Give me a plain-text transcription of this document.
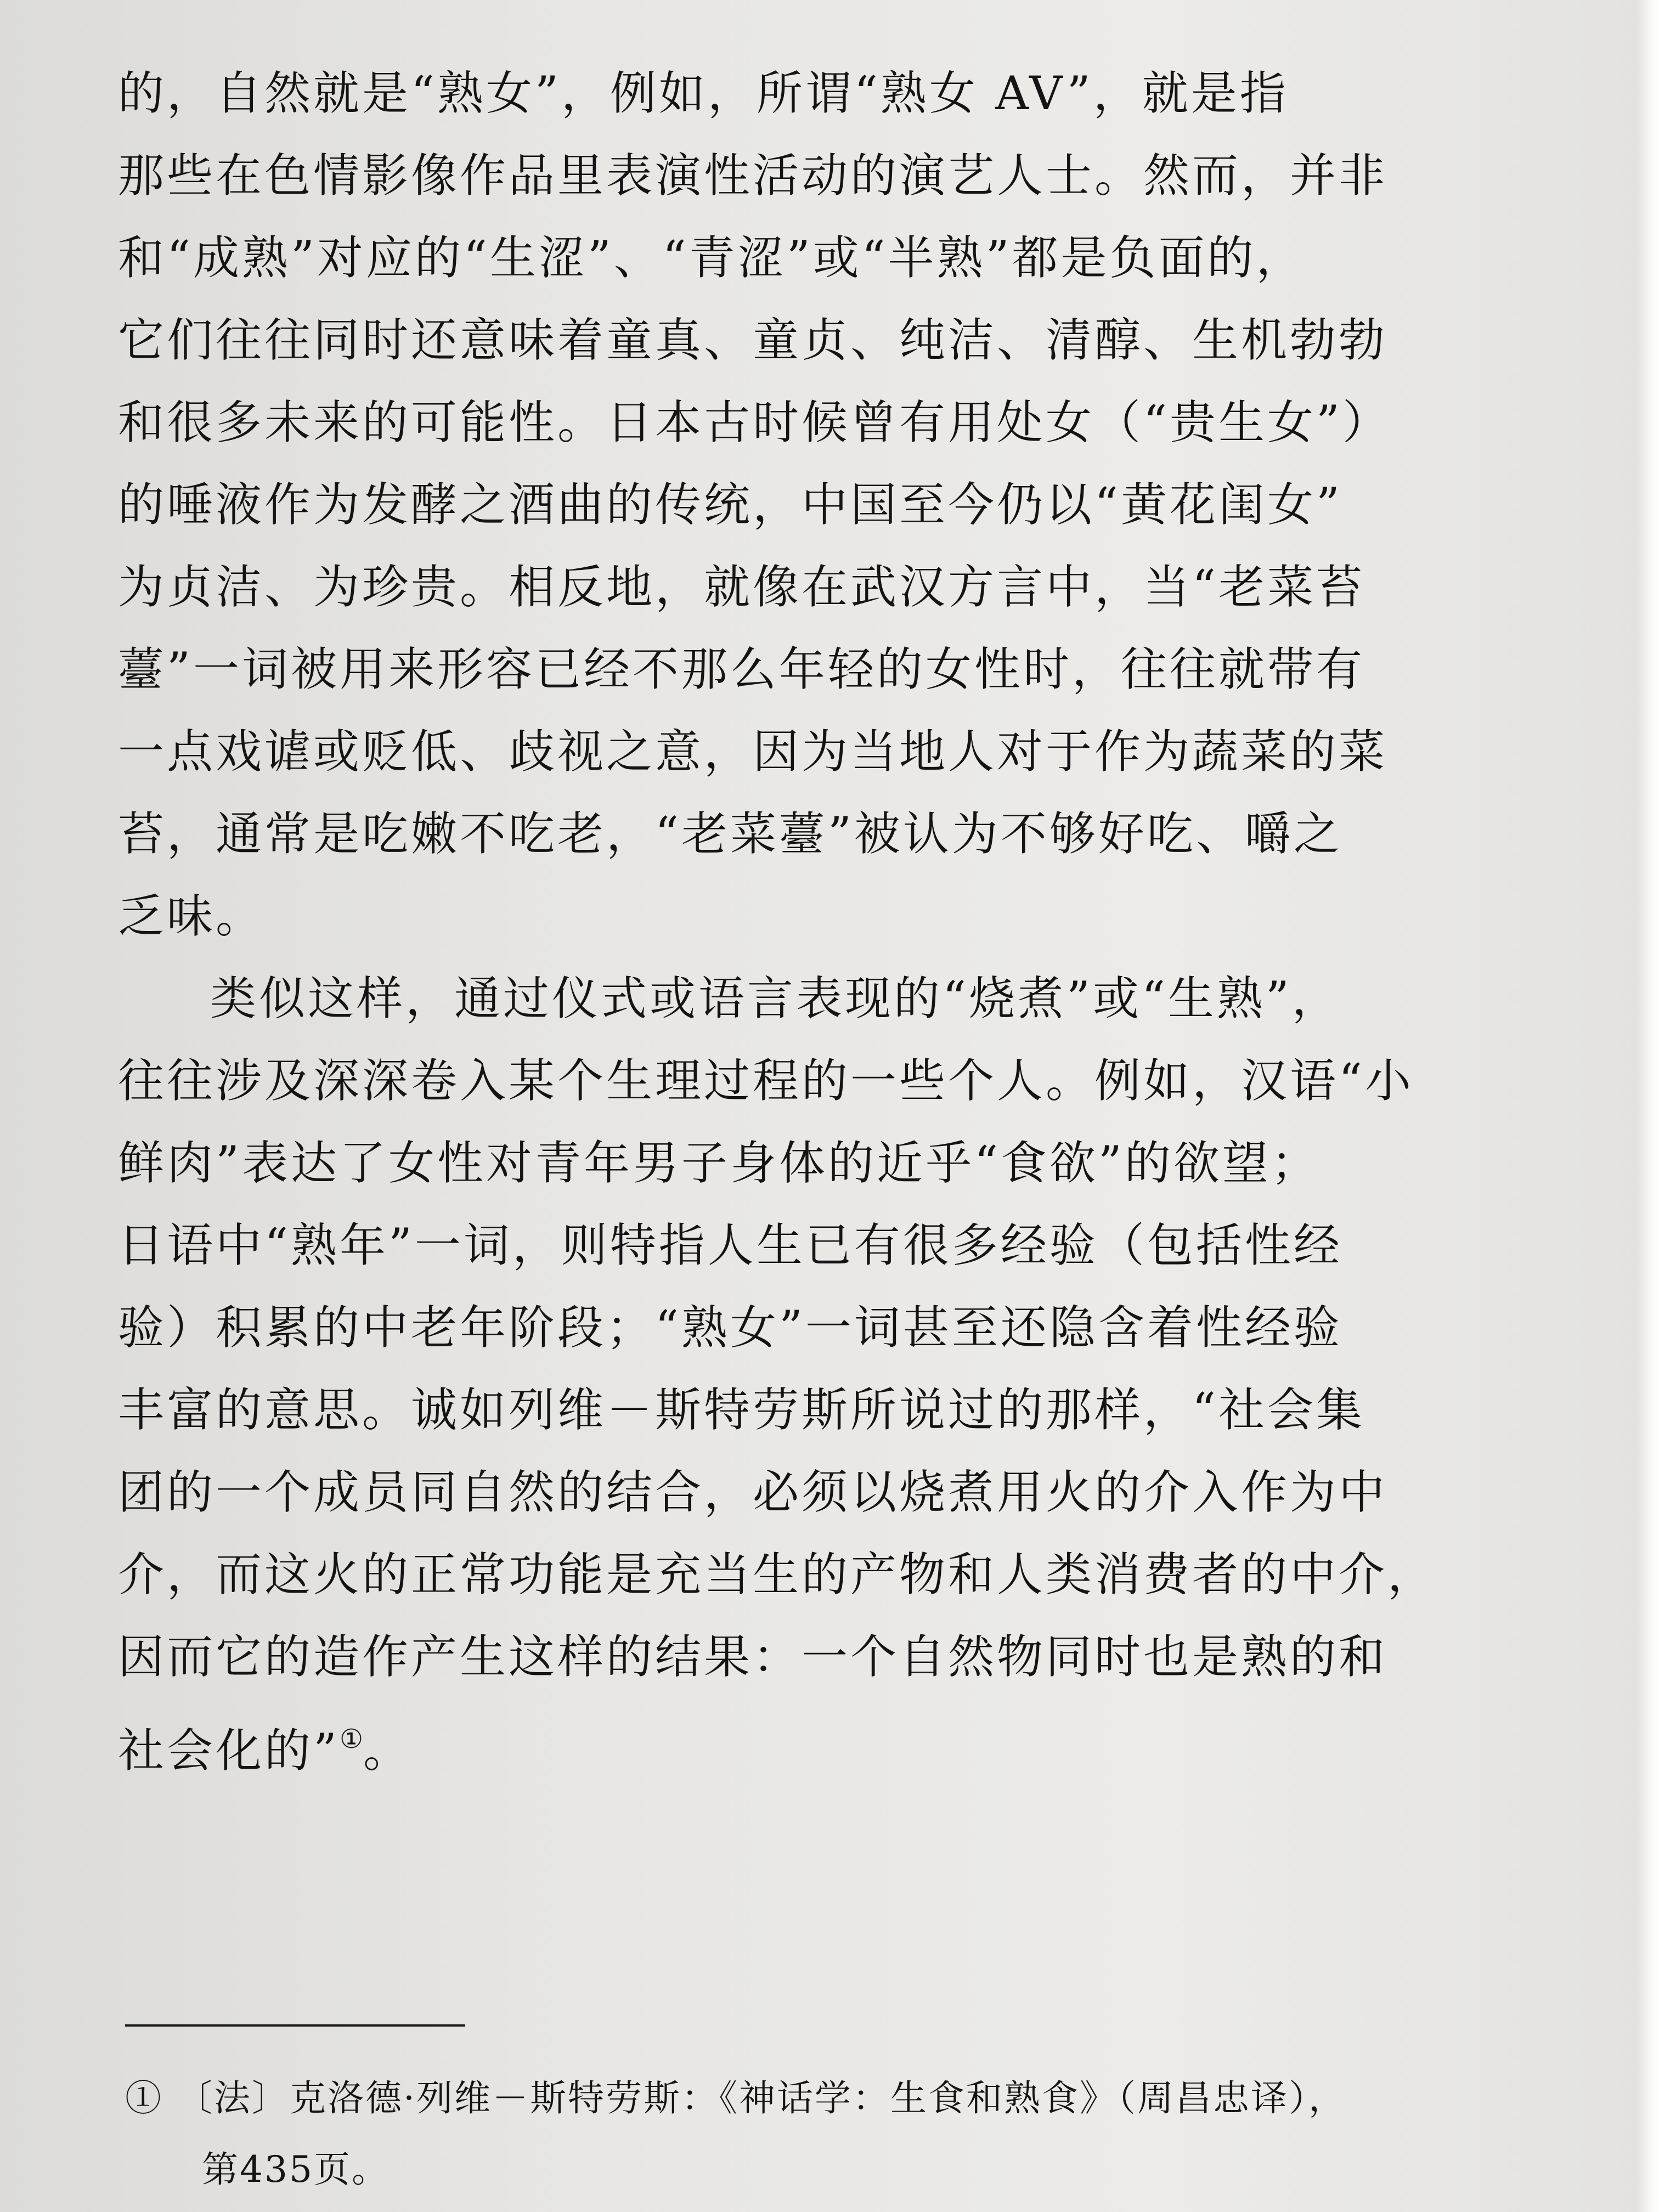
的，自然就是“熟女”，例如，所谓“熟女 AV”，就是指
那些在色情影像作品里表演性活动的演艺人士。然而，并非
和“成熟”对应的“生涩”、“青涩”或“半熟”都是负面的，
它们往往同时还意味着童真、童贞、纯洁、清醇、生机勃勃
和很多未来的可能性。日本古时候曾有用处女（“贵生女”）
的唾液作为发酵之酒曲的传统，中国至今仍以“黄花闺女”
为贞洁、为珍贵。相反地，就像在武汉方言中，当“老菜苔
薹”一词被用来形容已经不那么年轻的女性时，往往就带有
一点戏谑或贬低、歧视之意，因为当地人对于作为蔬菜的菜
苔，通常是吃嫩不吃老，“老菜薹”被认为不够好吃、嚼之
乏味。
类似这样，通过仪式或语言表现的“烧煮”或“生熟”，
往往涉及深深卷入某个生理过程的一些个人。例如，汉语“小
鲜肉”表达了女性对青年男子身体的近乎“食欲”的欲望；
日语中“熟年”一词，则特指人生已有很多经验（包括性经
验）积累的中老年阶段；“熟女”一词甚至还隐含着性经验
丰富的意思。诚如列维－斯特劳斯所说过的那样，“社会集
团的一个成员同自然的结合，必须以烧煮用火的介入作为中
介，而这火的正常功能是充当生的产物和人类消费者的中介，
因而它的造作产生这样的结果：一个自然物同时也是熟的和
社会化的”①。
① 〔法〕克洛德·列维－斯特劳斯：《神话学：生食和熟食》（周昌忠译），
第435页。
